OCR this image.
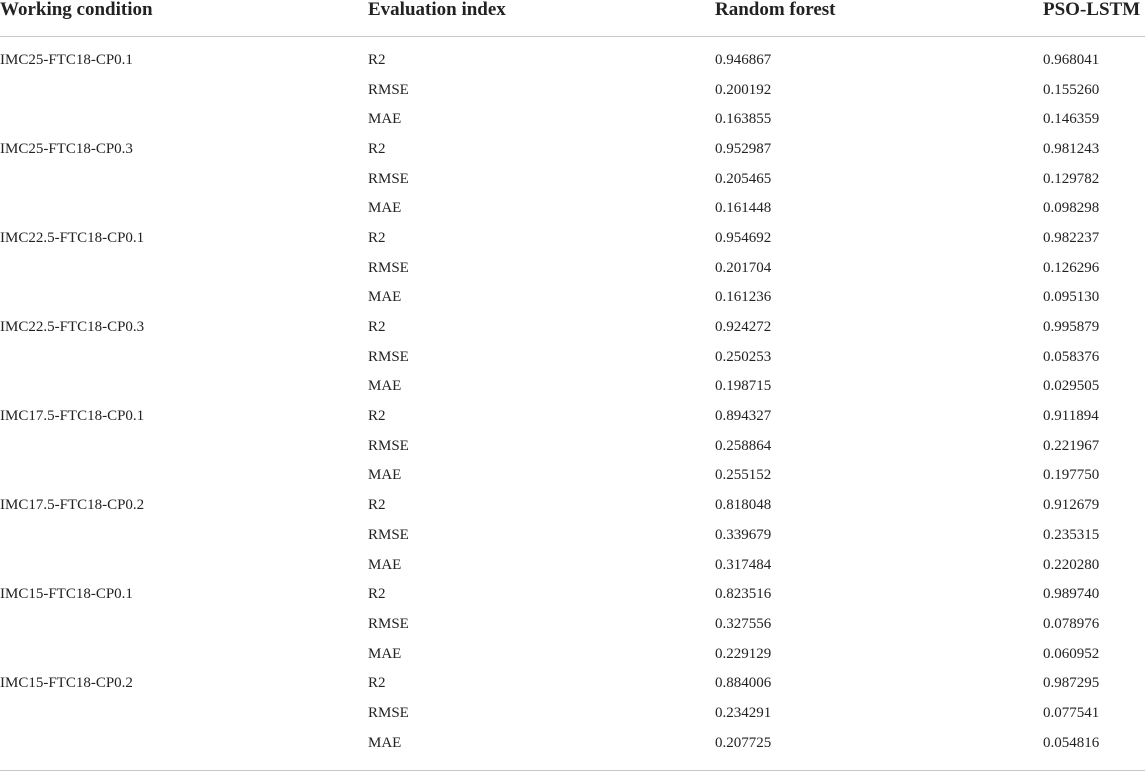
Working condition	Evaluation index	Random forest	PSO-LSTM
IMC25-FTC18-CP0.1	R2	0.946867	0.968041
	RMSE	0.200192	0.155260
	MAE	0.163855	0.146359
IMC25-FTC18-CP0.3	R2	0.952987	0.981243
	RMSE	0.205465	0.129782
	MAE	0.161448	0.098298
IMC22.5-FTC18-CP0.1	R2	0.954692	0.982237
	RMSE	0.201704	0.126296
	MAE	0.161236	0.095130
IMC22.5-FTC18-CP0.3	R2	0.924272	0.995879
	RMSE	0.250253	0.058376
	MAE	0.198715	0.029505
IMC17.5-FTC18-CP0.1	R2	0.894327	0.911894
	RMSE	0.258864	0.221967
	MAE	0.255152	0.197750
IMC17.5-FTC18-CP0.2	R2	0.818048	0.912679
	RMSE	0.339679	0.235315
	MAE	0.317484	0.220280
IMC15-FTC18-CP0.1	R2	0.823516	0.989740
	RMSE	0.327556	0.078976
	MAE	0.229129	0.060952
IMC15-FTC18-CP0.2	R2	0.884006	0.987295
	RMSE	0.234291	0.077541
	MAE	0.207725	0.054816
